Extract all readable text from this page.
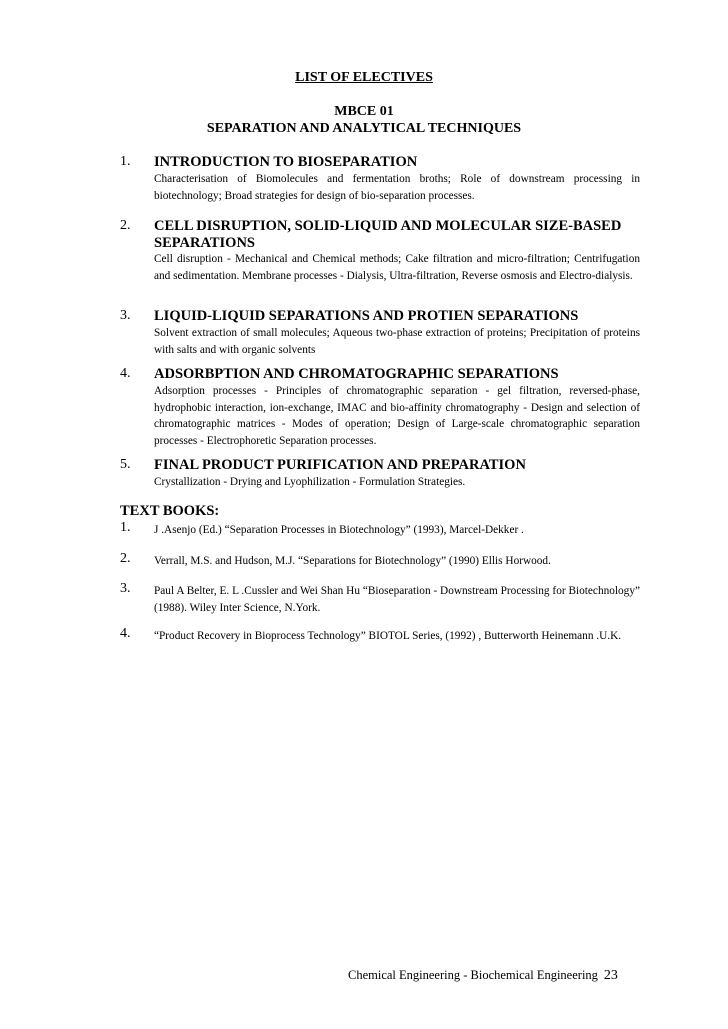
LIST OF ELECTIVES
MBCE 01
SEPARATION AND ANALYTICAL TECHNIQUES
1. INTRODUCTION TO BIOSEPARATION
Characterisation of Biomolecules and fermentation broths; Role of downstream processing in biotechnology; Broad strategies for design of bio-separation processes.
2. CELL DISRUPTION, SOLID-LIQUID AND MOLECULAR SIZE-BASED SEPARATIONS
Cell disruption - Mechanical and Chemical methods; Cake filtration and micro-filtration; Centrifugation and sedimentation. Membrane processes - Dialysis, Ultra-filtration, Reverse osmosis and Electro-dialysis.
3. LIQUID-LIQUID SEPARATIONS AND PROTIEN SEPARATIONS
Solvent extraction of small molecules; Aqueous two-phase extraction of proteins; Precipitation of proteins with salts and with organic solvents
4. ADSORBPTION AND CHROMATOGRAPHIC SEPARATIONS
Adsorption processes - Principles of chromatographic separation - gel filtration, reversed-phase, hydrophobic interaction, ion-exchange, IMAC and bio-affinity chromatography - Design and selection of chromatographic matrices - Modes of operation; Design of Large-scale chromatographic separation processes - Electrophoretic Separation processes.
5. FINAL PRODUCT PURIFICATION AND PREPARATION
Crystallization - Drying and Lyophilization - Formulation Strategies.
TEXT BOOKS:
1. J .Asenjo (Ed.) “Separation Processes in Biotechnology” (1993), Marcel-Dekker .
2. Verrall, M.S. and Hudson, M.J. “Separations for Biotechnology” (1990) Ellis Horwood.
3. Paul A Belter, E. L .Cussler and Wei Shan Hu “Bioseparation - Downstream Processing for Biotechnology” (1988). Wiley Inter Science, N.York.
4. “Product Recovery in Bioprocess Technology” BIOTOL Series, (1992) , Butterworth Heinemann .U.K.
Chemical Engineering - Biochemical Engineering 23
